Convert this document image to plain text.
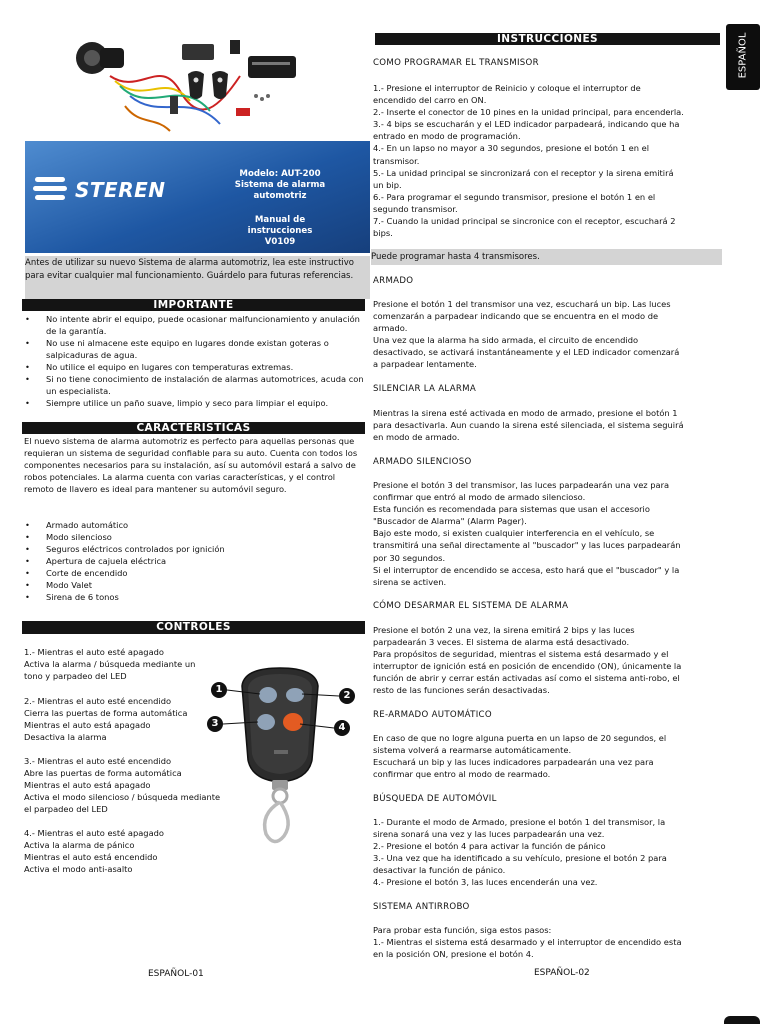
STEREN
Modelo: AUT-200
Sistema de alarma
automotriz
Manual de instrucciones
V0109
Antes de utilizar su nuevo Sistema de alarma automotriz, lea este instructivo para evitar cualquier mal funcionamiento. Guárdelo para futuras referencias.
IMPORTANTE
• No intente abrir el equipo, puede ocasionar malfuncionamiento y anulación de la garantía.
• No use ni almacene este equipo en lugares donde existan goteras o salpicaduras de agua.
• No utilice el equipo en lugares con temperaturas extremas.
• Si no tiene conocimiento de instalación de alarmas automotrices, acuda con un especialista.
• Siempre utilice un paño suave, limpio y seco para limpiar el equipo.
CARACTERISTICAS
El nuevo sistema de alarma automotriz es perfecto para aquellas personas que requieran un sistema de seguridad confiable para su auto. Cuenta con todos los componentes necesarios para su instalación, así su automóvil estará a salvo de robos potenciales. La alarma cuenta con varias características, y el control remoto de llavero es ideal para mantener su automóvil seguro.
• Armado automático
• Modo silencioso
• Seguros eléctricos controlados por ignición
• Apertura de cajuela eléctrica
• Corte de encendido
• Modo Valet
• Sirena de 6 tonos
CONTROLES
1.- Mientras el auto esté apagado
Activa la alarma / búsqueda mediante un
tono y parpadeo del LED
2.- Mientras el auto esté encendido
Cierra las puertas de forma automática
Mientras el auto está apagado
Desactiva la alarma
3.- Mientras el auto esté encendido
Abre las puertas de forma automática
Mientras el auto está apagado
Activa el modo silencioso / búsqueda mediante
el parpadeo del LED
4.- Mientras el auto esté apagado
Activa la alarma de pánico
Mientras el auto está encendido
Activa el modo anti-asalto
1
2
3	4
ESPAÑOL-01
ESPAÑOL
INSTRUCCIONES
COMO PROGRAMAR EL TRANSMISOR
1.- Presione el interruptor de Reinicio y coloque el interruptor de
encendido del carro en ON.
2.- Inserte el conector de 10 pines en la unidad principal, para encenderla.
3.- 4 bips se escucharán y el LED indicador parpadeará, indicando que ha
entrado en modo de programación.
4.- En un lapso no mayor a 30 segundos, presione el botón 1 en el
transmisor.
5.- La unidad principal se sincronizará con el receptor y la sirena emitirá
un bip.
6.- Para programar el segundo transmisor, presione el botón 1 en el
segundo transmisor.
7.- Cuando la unidad principal se sincronice con el receptor, escuchará 2
bips.
Puede programar hasta 4 transmisores.
ARMADO
Presione el botón 1 del transmisor una vez, escuchará un bip. Las luces
comenzarán a parpadear indicando que se encuentra en el modo de
armado.
Una vez que la alarma ha sido armada, el circuito de encendido
desactivado, se activará instantáneamente y el LED indicador comenzará
a parpadear lentamente.
SILENCIAR LA ALARMA
Mientras la sirena esté activada en modo de armado, presione el botón 1
para desactivarla. Aun cuando la sirena esté silenciada, el sistema seguirá
en modo de armado.
ARMADO SILENCIOSO
Presione el botón 3 del transmisor, las luces parpadearán una vez para
confirmar que entró al modo de armado silencioso.
Esta función es recomendada para sistemas que usan el accesorio
"Buscador de Alarma" (Alarm Pager).
Bajo este modo, si existen cualquier interferencia en el vehículo, se
transmitirá una señal directamente al "buscador" y las luces parpadearán
por 30 segundos.
Si el interruptor de encendido se accesa, esto hará que el "buscador" y la
sirena se activen.
CÓMO DESARMAR EL SISTEMA DE ALARMA
Presione el botón 2 una vez, la sirena emitirá 2 bips y las luces
parpadearán 3 veces. El sistema de alarma está desactivado.
Para propósitos de seguridad, mientras el sistema está desarmado y el
interruptor de ignición está en posición de encendido (ON), únicamente la
función de abrir y cerrar están activadas así como el sistema anti-robo, el
resto de las funciones serán desactivadas.
RE-ARMADO AUTOMÁTICO
En caso de que no logre alguna puerta en un lapso de 20 segundos, el
sistema volverá a rearmarse automáticamente.
Escuchará un bip y las luces indicadores parpadearán una vez para
confirmar que entro al modo de rearmado.
BÚSQUEDA DE AUTOMÓVIL
1.- Durante el modo de Armado, presione el botón 1 del transmisor, la
sirena sonará una vez y las luces parpadearán una vez.
2.- Presione el botón 4 para activar la función de pánico
3.- Una vez que ha identificado a su vehículo, presione el botón 2 para
desactivar la función de pánico.
4.- Presione el botón 3, las luces encenderán una vez.
SISTEMA ANTIRROBO
Para probar esta función, siga estos pasos:
1.- Mientras el sistema está desarmado y el interruptor de encendido esta
en la posición ON, presione el botón 4.
ESPAÑOL-02
